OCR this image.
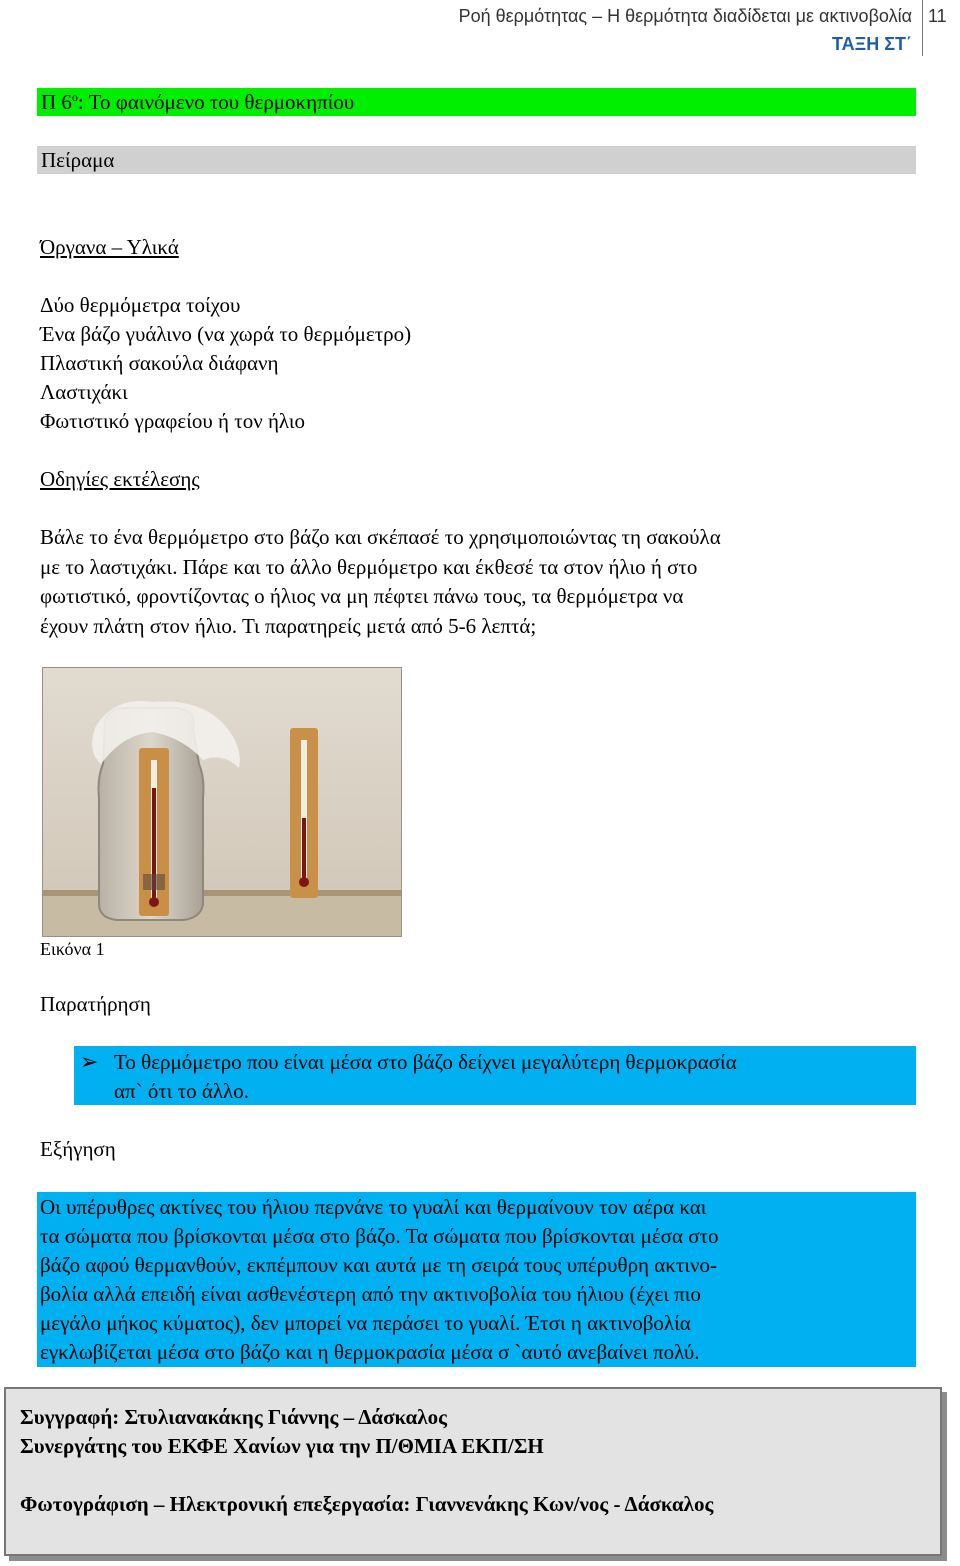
Ροή θερμότητας – Η θερμότητα διαδίδεται με ακτινοβολία
ΤΑΞΗ ΣΤ΄
11
Π $6^o$: Το φαινόμενο του θερμοκηπίου
Πείραμα
Όργανα – Υλικά
Δύο θερμόμετρα τοίχου
Ένα βάζο γυάλινο (να χωρά το θερμόμετρο)
Πλαστική σακούλα διάφανη
Λαστιχάκι
Φωτιστικό γραφείου ή τον ήλιο
Οδηγίες εκτέλεσης
Βάλε το ένα θερμόμετρο στο βάζο και σκέπασέ το χρησιμοποιώντας τη σακούλα
με το λαστιχάκι. Πάρε και το άλλο θερμόμετρο και έκθεσέ τα στον ήλιο ή στο
φωτιστικό, φροντίζοντας ο ήλιος να μη πέφτει πάνω τους, τα θερμόμετρα να
έχουν πλάτη στον ήλιο. Τι παρατηρείς μετά από 5-6 λεπτά;
Εικόνα 1
Παρατήρηση
➢ Το θερμόμετρο που είναι μέσα στο βάζο δείχνει μεγαλύτερη θερμοκρασία
απ` ότι το άλλο.
Εξήγηση
Οι υπέρυθρες ακτίνες του ήλιου περνάνε το γυαλί και θερμαίνουν τον αέρα και
τα σώματα που βρίσκονται μέσα στο βάζο. Τα σώματα που βρίσκονται μέσα στο
βάζο αφού θερμανθούν, εκπέμπουν και αυτά με τη σειρά τους υπέρυθρη ακτινο-
βολία αλλά επειδή είναι ασθενέστερη από την ακτινοβολία του ήλιου (έχει πιο
μεγάλο μήκος κύματος), δεν μπορεί να περάσει το γυαλί. Έτσι η ακτινοβολία
εγκλωβίζεται μέσα στο βάζο και η θερμοκρασία μέσα σ `αυτό ανεβαίνει πολύ.
Συγγραφή: Στυλιανακάκης Γιάννης – Δάσκαλος
Συνεργάτης του ΕΚΦΕ Χανίων για την Π/ΘΜΙΑ ΕΚΠ/ΣΗ
Φωτογράφιση – Ηλεκτρονική επεξεργασία: Γιαννενάκης Κων/νος - Δάσκαλος
